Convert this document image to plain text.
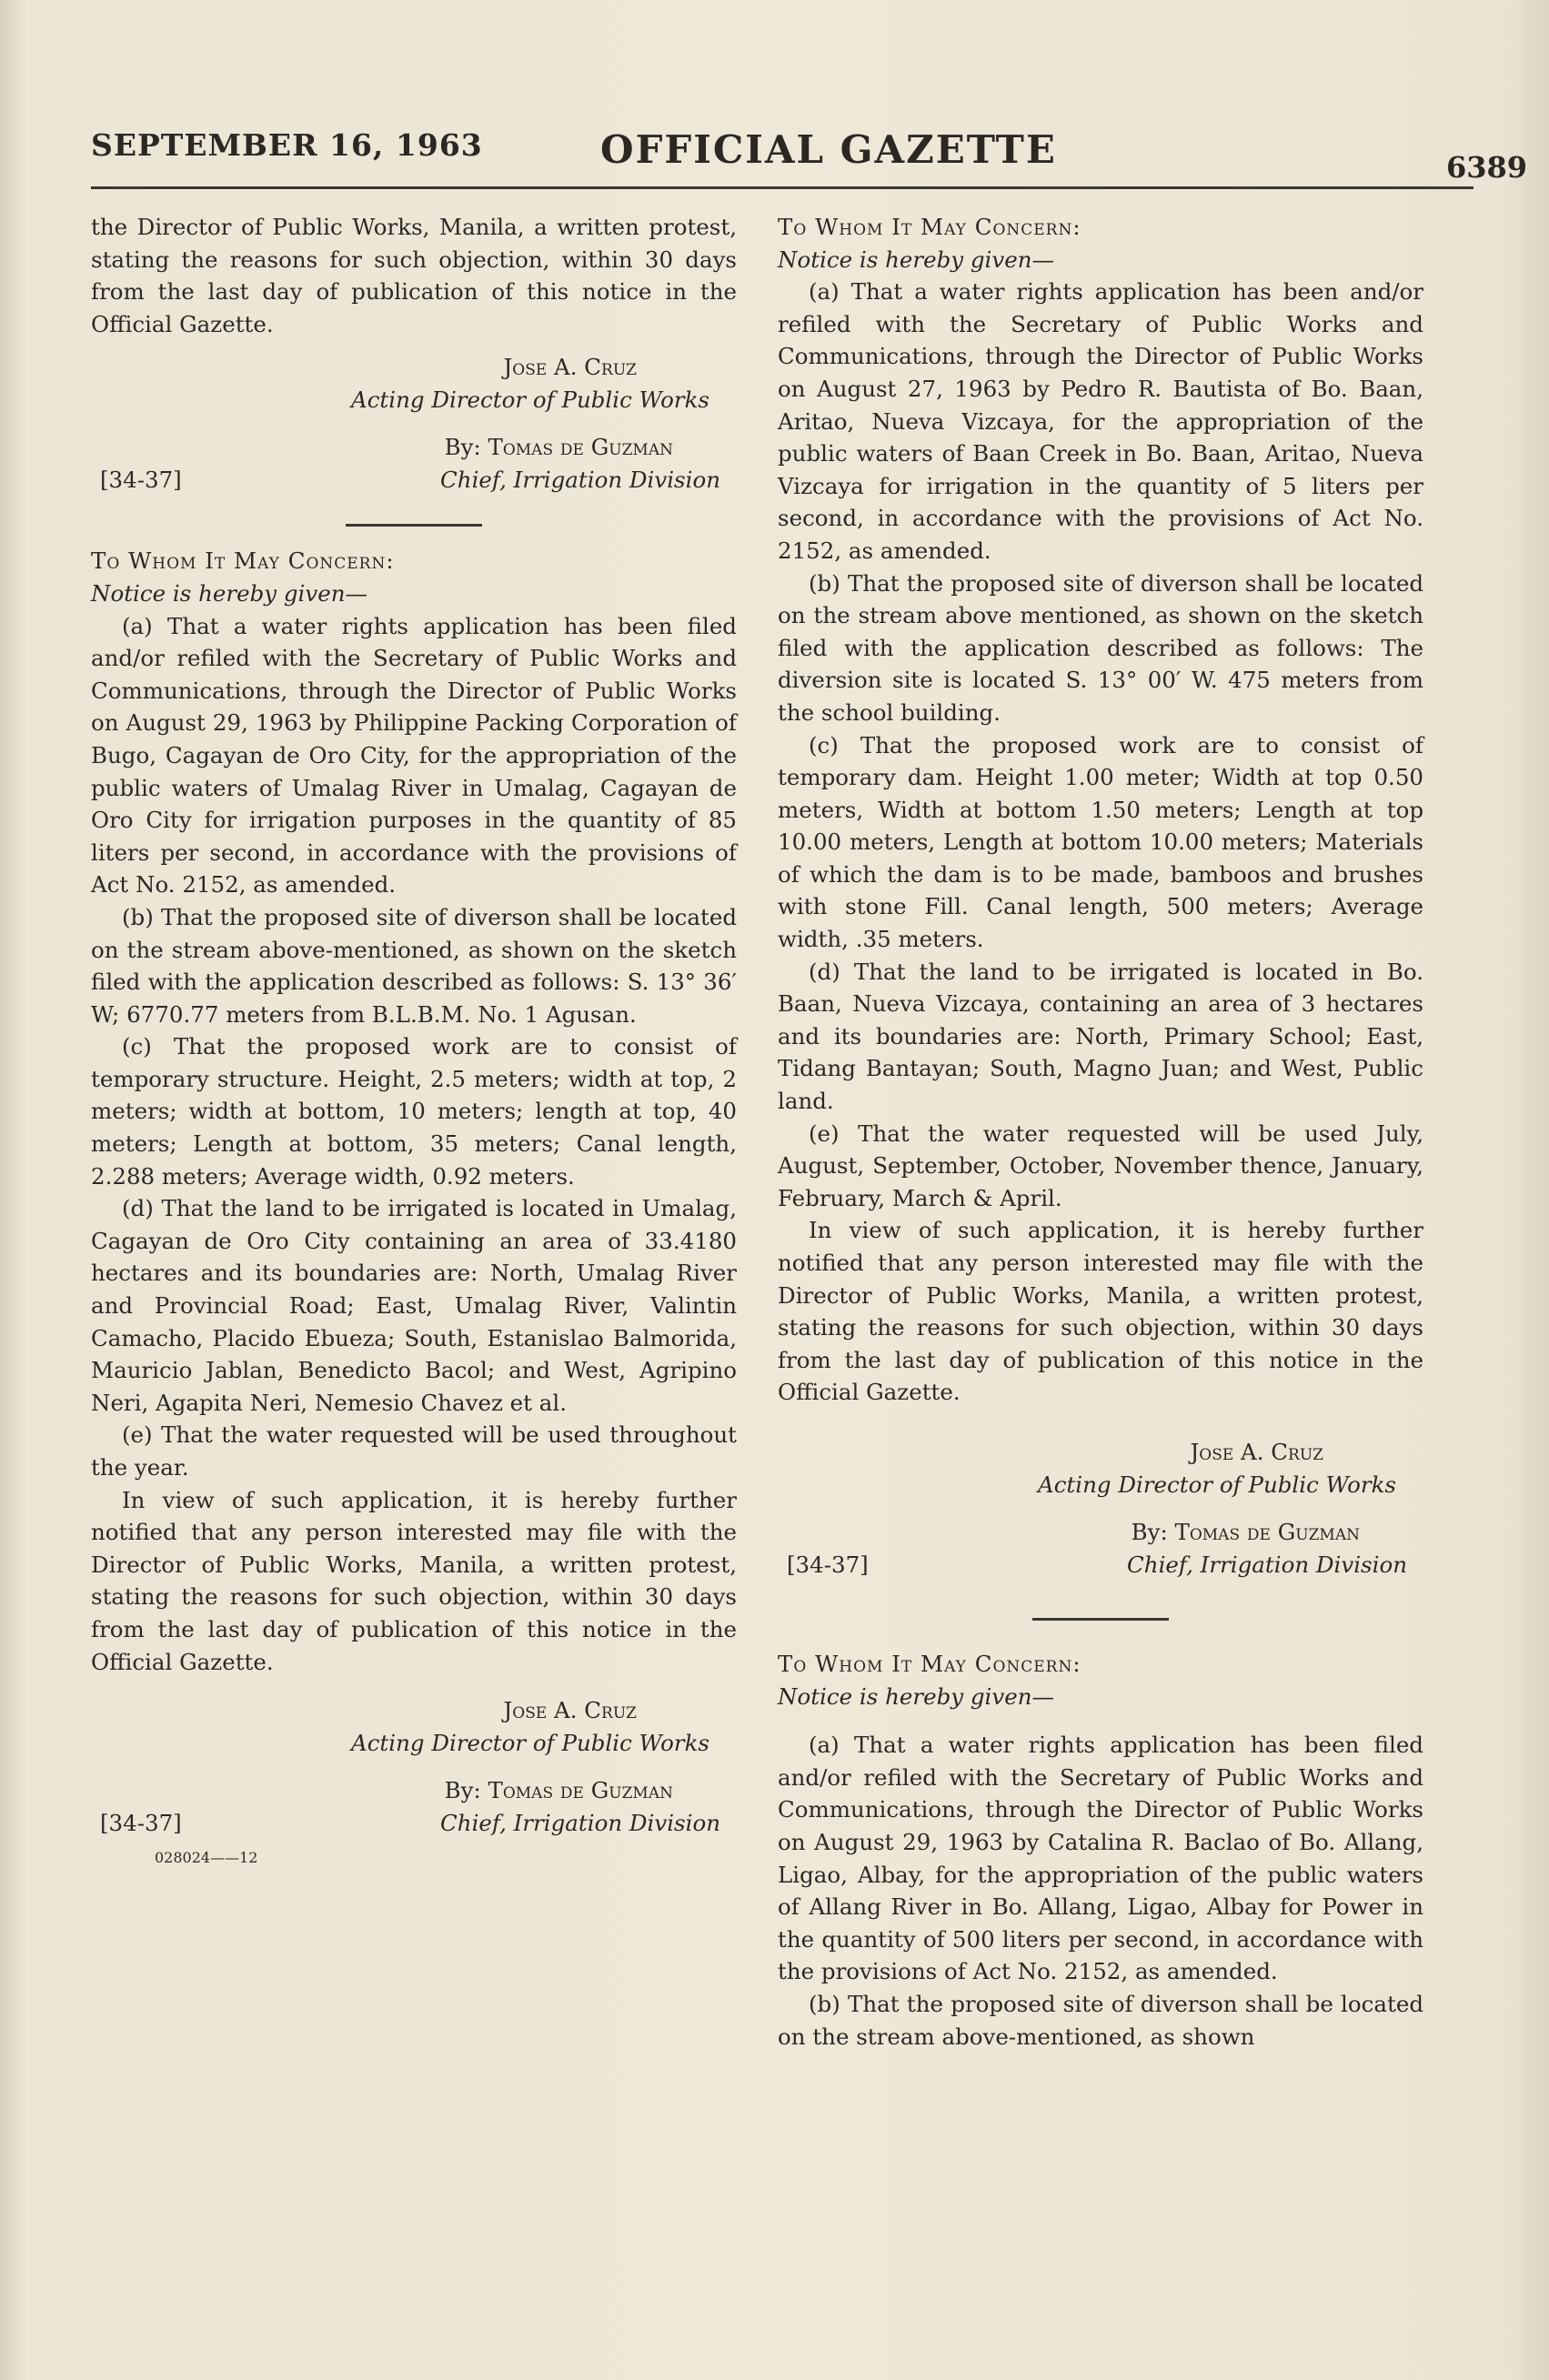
SEPTEMBER 16, 1963	OFFICIAL GAZETTE	6389

the Director of Public Works, Manila, a written protest, stating the reasons for such objection, within 30 days from the last day of publication of this notice in the Official Gazette.

Jose A. Cruz
Acting Director of Public Works
By: Tomas de Guzman
Chief, Irrigation Division
[34-37]

To Whom It May Concern:

Notice is hereby given—

(a) That a water rights application has been filed and/or refiled with the Secretary of Public Works and Communications, through the Director of Public Works on August 29, 1963 by Philippine Packing Corporation of Bugo, Cagayan de Oro City, for the appropriation of the public waters of Umalag River in Umalag, Cagayan de Oro City for irrigation purposes in the quantity of 85 liters per second, in accordance with the provisions of Act No. 2152, as amended.

(b) That the proposed site of diverson shall be located on the stream above-mentioned, as shown on the sketch filed with the application described as follows: S. 13° 36′ W; 6770.77 meters from B.L.B.M. No. 1 Agusan.

(c) That the proposed work are to consist of temporary structure. Height, 2.5 meters; width at top, 2 meters; width at bottom, 10 meters; length at top, 40 meters; Length at bottom, 35 meters; Canal length, 2.288 meters; Average width, 0.92 meters.

(d) That the land to be irrigated is located in Umalag, Cagayan de Oro City containing an area of 33.4180 hectares and its boundaries are: North, Umalag River and Provincial Road; East, Umalag River, Valintin Camacho, Placido Ebueza; South, Estanislao Balmorida, Mauricio Jablan, Benedicto Bacol; and West, Agripino Neri, Agapita Neri, Nemesio Chavez et al.

(e) That the water requested will be used throughout the year.

In view of such application, it is hereby further notified that any person interested may file with the Director of Public Works, Manila, a written protest, stating the reasons for such objection, within 30 days from the last day of publication of this notice in the Official Gazette.

Jose A. Cruz
Acting Director of Public Works
By: Tomas de Guzman
Chief, Irrigation Division
[34-37]
028024——12

To Whom It May Concern:

Notice is hereby given—

(a) That a water rights application has been and/or refiled with the Secretary of Public Works and Communications, through the Director of Public Works on August 27, 1963 by Pedro R. Bautista of Bo. Baan, Aritao, Nueva Vizcaya, for the appropriation of the public waters of Baan Creek in Bo. Baan, Aritao, Nueva Vizcaya for irrigation in the quantity of 5 liters per second, in accordance with the provisions of Act No. 2152, as amended.

(b) That the proposed site of diverson shall be located on the stream above mentioned, as shown on the sketch filed with the application described as follows: The diversion site is located S. 13° 00′ W. 475 meters from the school building.

(c) That the proposed work are to consist of temporary dam. Height 1.00 meter; Width at top 0.50 meters, Width at bottom 1.50 meters; Length at top 10.00 meters, Length at bottom 10.00 meters; Materials of which the dam is to be made, bamboos and brushes with stone Fill. Canal length, 500 meters; Average width, .35 meters.

(d) That the land to be irrigated is located in Bo. Baan, Nueva Vizcaya, containing an area of 3 hectares and its boundaries are: North, Primary School; East, Tidang Bantayan; South, Magno Juan; and West, Public land.

(e) That the water requested will be used July, August, September, October, November thence, January, February, March & April.

In view of such application, it is hereby further notified that any person interested may file with the Director of Public Works, Manila, a written protest, stating the reasons for such objection, within 30 days from the last day of publication of this notice in the Official Gazette.

Jose A. Cruz
Acting Director of Public Works
By: Tomas de Guzman
Chief, Irrigation Division
[34-37]

To Whom It May Concern:

Notice is hereby given—

(a) That a water rights application has been filed and/or refiled with the Secretary of Public Works and Communications, through the Director of Public Works on August 29, 1963 by Catalina R. Baclao of Bo. Allang, Ligao, Albay, for the appropriation of the public waters of Allang River in Bo. Allang, Ligao, Albay for Power in the quantity of 500 liters per second, in accordance with the provisions of Act No. 2152, as amended.

(b) That the proposed site of diverson shall be located on the stream above-mentioned, as shown
